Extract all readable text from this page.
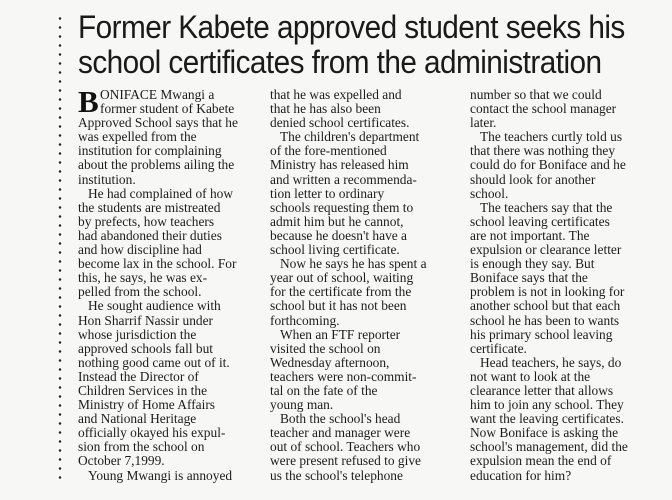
Former Kabete approved student seeks his
school certificates from the administration
B ONIFACE Mwangi a

former student of Kabete

Approved School says that he

was expelled from the

institution for complaining

about the problems ailing the

institution.

He had complained of how

the students are mistreated

by prefects, how teachers

had abandoned their duties

and how discipline had

become lax in the school. For

this, he says, he was ex-

pelled from the school.

He sought audience with

Hon Sharrif Nassir under

whose jurisdiction the

approved schools fall but

nothing good came out of it.

Instead the Director of

Children Services in the

Ministry of Home Affairs

and National Heritage

officially okayed his expul-

sion from the school on

October 7,1999.

Young Mwangi is annoyed

that he was expelled and

that he has also been

denied school certificates.

The children's department

of the fore-mentioned

Ministry has released him

and written a recommenda-

tion letter to ordinary

schools requesting them to

admit him but he cannot,

because he doesn't have a

school living certificate.

Now he says he has spent a

year out of school, waiting

for the certificate from the

school but it has not been

forthcoming.

When an FTF reporter

visited the school on

Wednesday afternoon,

teachers were non-commit-

tal on the fate of the

young man.

Both the school's head

teacher and manager were

out of school. Teachers who

were present refused to give

us the school's telephone

number so that we could

contact the school manager

later.

The teachers curtly told us

that there was nothing they

could do for Boniface and he

should look for another

school.

The teachers say that the

school leaving certificates

are not important. The

expulsion or clearance letter

is enough they say. But

Boniface says that the

problem is not in looking for

another school but that each

school he has been to wants

his primary school leaving

certificate.

Head teachers, he says, do

not want to look at the

clearance letter that allows

him to join any school. They

want the leaving certificates.

Now Boniface is asking the

school's management, did the

expulsion mean the end of

education for him?
